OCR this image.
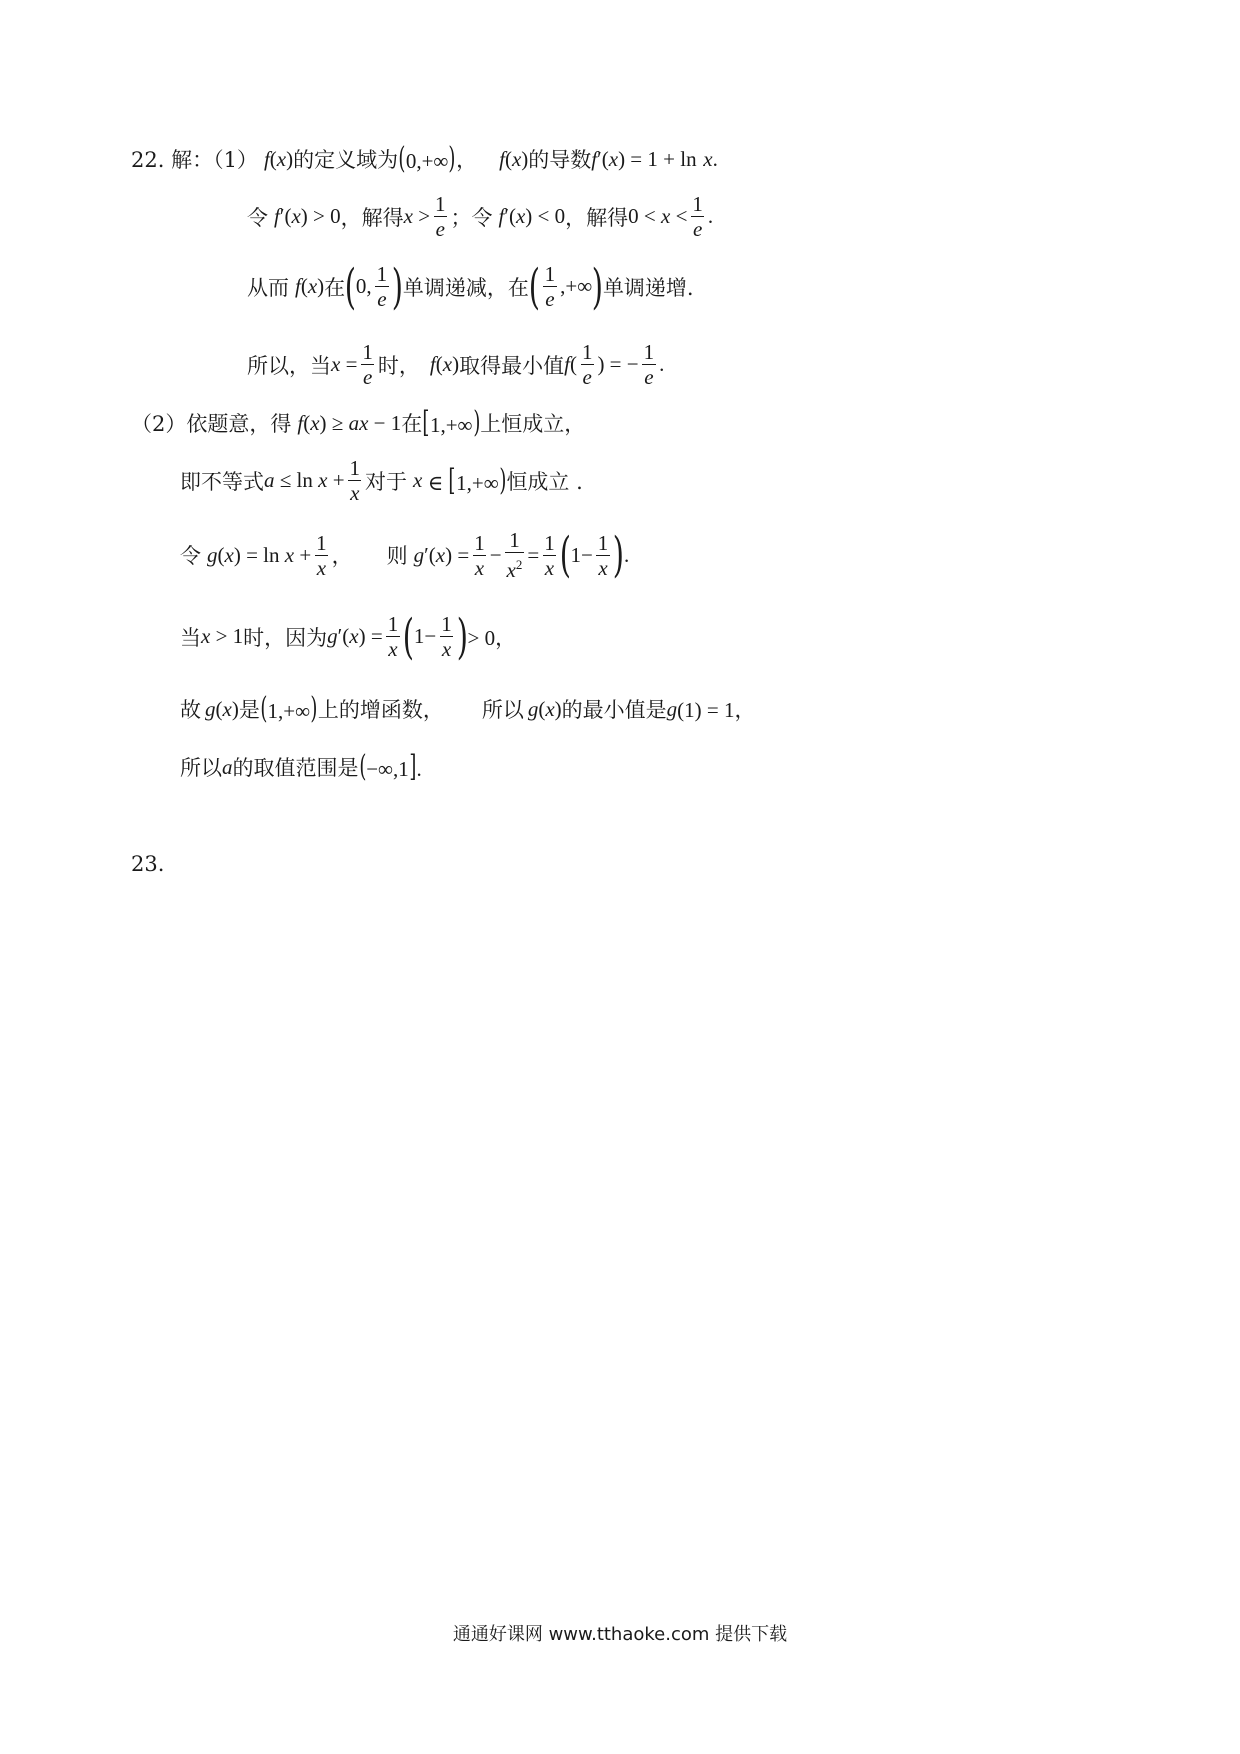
22. 解：（1） f ( x ) 的定义域为 (0,+∞) ， f ( x ) 的导数 f ′( x ) = 1 + ln
x .
令 f ′( x ) > 0 ，解得 $x > \frac{1}{e}$ ；令 f ′( x ) < 0 ，解得 $0 < x < \frac{1}{e}$ .
从而 f ( x ) 在 ( 0, $\frac{1}{e}$ ) 单调递减，在 ( $\frac{1}{e}$ ,+∞ ) 单调递增.
所以，当 $x = \frac{1}{e}$ 时， f ( x ) 取得最小值 f ( $\frac{1}{e}$ ) = − $\frac{1}{e}$ .
（2）依题意，得 f ( x ) ≥ ax − 1 在 [1,+∞) 上恒成立，
即不等式 $a \le \ln x + \frac{1}{x}$ 对于 x ∈ [1,+∞) 恒成立 .
令 g ( x ) = $\ln x + \frac{1}{x}$ ， 则 g ′( x ) = $\frac{1}{x} - \frac{1}{x^2} = \frac{1}{x}$ ( $1- \frac{1}{x}$ ) .
当 x > 1 时，因为 g ′( x ) = $\frac{1}{x}$ ( $1- \frac{1}{x}$ ) > 0，
故 g ( x ) 是 (1,+∞) 上的增函数， 所以 g ( x ) 的最小值是 g (1) = 1，
所以 a 的取值范围是 (−∞,1].
23.
通通好课网 www.tthaoke.com 提供下载
